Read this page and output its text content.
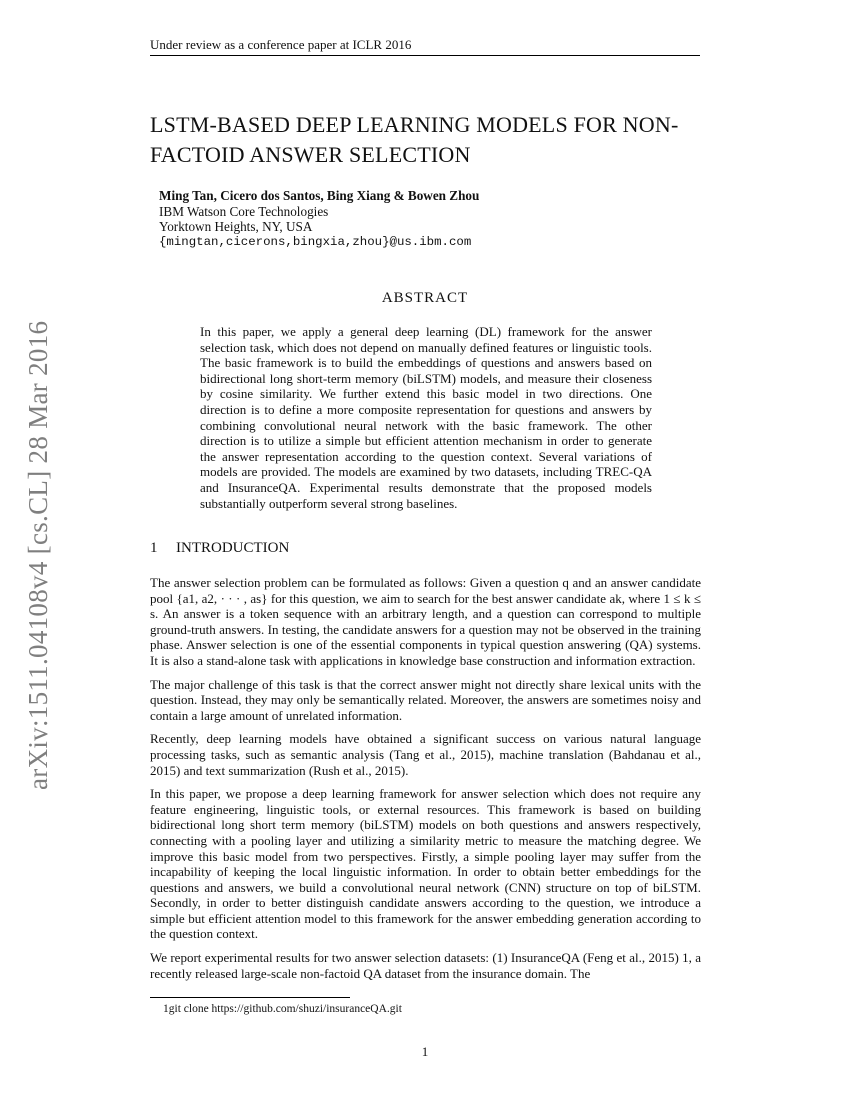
Under review as a conference paper at ICLR 2016
arXiv:1511.04108v4 [cs.CL] 28 Mar 2016
LSTM-BASED DEEP LEARNING MODELS FOR NON-
FACTOID ANSWER SELECTION
Ming Tan, Cicero dos Santos, Bing Xiang & Bowen Zhou
IBM Watson Core Technologies
Yorktown Heights, NY, USA
{mingtan,cicerons,bingxia,zhou}@us.ibm.com
ABSTRACT
In this paper, we apply a general deep learning (DL) framework for the answer selection task, which does not depend on manually defined features or linguistic tools. The basic framework is to build the embeddings of questions and answers based on bidirectional long short-term memory (biLSTM) models, and measure their closeness by cosine similarity. We further extend this basic model in two directions. One direction is to define a more composite representation for questions and answers by combining convolutional neural network with the basic framework. The other direction is to utilize a simple but efficient attention mechanism in order to generate the answer representation according to the question context. Several variations of models are provided. The models are examined by two datasets, including TREC-QA and InsuranceQA. Experimental results demonstrate that the proposed models substantially outperform several strong baselines.
1 INTRODUCTION

The answer selection problem can be formulated as follows: Given a question q and an answer candidate pool {a1, a2, · · · , as} for this question, we aim to search for the best answer candidate ak, where 1 ≤ k ≤ s. An answer is a token sequence with an arbitrary length, and a question can correspond to multiple ground-truth answers. In testing, the candidate answers for a question may not be observed in the training phase. Answer selection is one of the essential components in typical question answering (QA) systems. It is also a stand-alone task with applications in knowledge base construction and information extraction.

The major challenge of this task is that the correct answer might not directly share lexical units with the question. Instead, they may only be semantically related. Moreover, the answers are sometimes noisy and contain a large amount of unrelated information.

Recently, deep learning models have obtained a significant success on various natural language processing tasks, such as semantic analysis (Tang et al., 2015), machine translation (Bahdanau et al., 2015) and text summarization (Rush et al., 2015).

In this paper, we propose a deep learning framework for answer selection which does not require any feature engineering, linguistic tools, or external resources. This framework is based on building bidirectional long short term memory (biLSTM) models on both questions and answers respectively, connecting with a pooling layer and utilizing a similarity metric to measure the matching degree. We improve this basic model from two perspectives. Firstly, a simple pooling layer may suffer from the incapability of keeping the local linguistic information. In order to obtain better embeddings for the questions and answers, we build a convolutional neural network (CNN) structure on top of biLSTM. Secondly, in order to better distinguish candidate answers according to the question, we introduce a simple but efficient attention model to this framework for the answer embedding generation according to the question context.

We report experimental results for two answer selection datasets: (1) InsuranceQA (Feng et al., 2015) 1, a recently released large-scale non-factoid QA dataset from the insurance domain. The

1git clone https://github.com/shuzi/insuranceQA.git
1
